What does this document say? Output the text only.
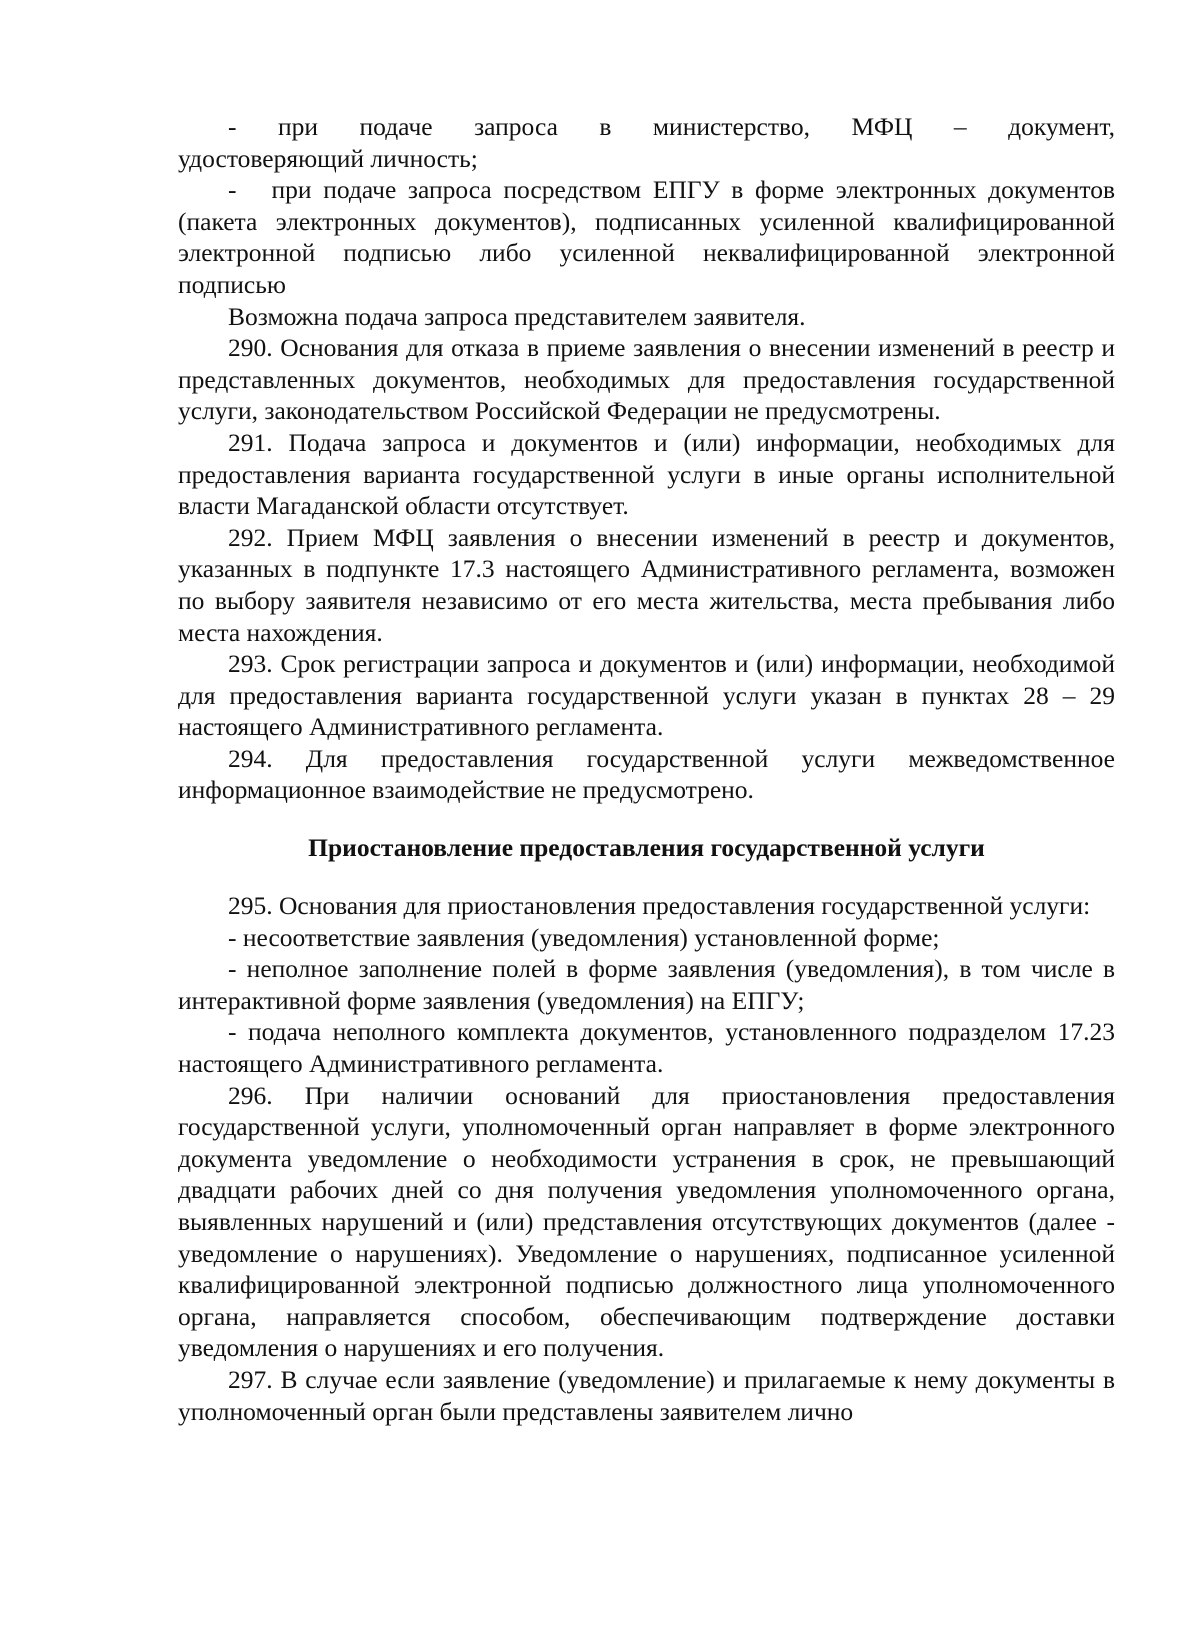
-   при   подаче   запроса   в   министерство,   МФЦ   –   документ, удостоверяющий личность;

-   при подаче запроса посредством ЕПГУ в форме электронных документов (пакета электронных документов), подписанных усиленной квалифицированной электронной подписью либо усиленной неквалифицированной электронной подписью

Возможна подача запроса представителем заявителя.

290. Основания для отказа в приеме заявления о внесении изменений в реестр и представленных документов, необходимых для предоставления государственной услуги, законодательством Российской Федерации не предусмотрены.

291. Подача запроса и документов и (или) информации, необходимых для предоставления варианта государственной услуги в иные органы исполнительной власти Магаданской области отсутствует.

292. Прием МФЦ заявления о внесении изменений в реестр и документов, указанных в подпункте 17.3 настоящего Административного регламента, возможен по выбору заявителя независимо от его места жительства, места пребывания либо места нахождения.

293. Срок регистрации запроса и документов и (или) информации, необходимой для предоставления варианта государственной услуги указан в пунктах 28 – 29 настоящего Административного регламента.

294. Для предоставления государственной услуги межведомственное информационное взаимодействие не предусмотрено.

Приостановление предоставления государственной услуги

295. Основания для приостановления предоставления государственной услуги:

- несоответствие заявления (уведомления) установленной форме;

- неполное заполнение полей в форме заявления (уведомления), в том числе в интерактивной форме заявления (уведомления) на ЕПГУ;

- подача неполного комплекта документов, установленного подразделом 17.23 настоящего Административного регламента.

296. При наличии оснований для приостановления предоставления государственной услуги, уполномоченный орган направляет в форме электронного документа уведомление о необходимости устранения в срок, не превышающий двадцати рабочих дней со дня получения уведомления уполномоченного органа, выявленных нарушений и (или) представления отсутствующих документов (далее - уведомление о нарушениях). Уведомление о нарушениях, подписанное усиленной квалифицированной электронной подписью должностного лица уполномоченного органа, направляется способом, обеспечивающим подтверждение доставки уведомления о нарушениях и его получения.

297. В случае если заявление (уведомление) и прилагаемые к нему документы в уполномоченный орган были представлены заявителем лично
